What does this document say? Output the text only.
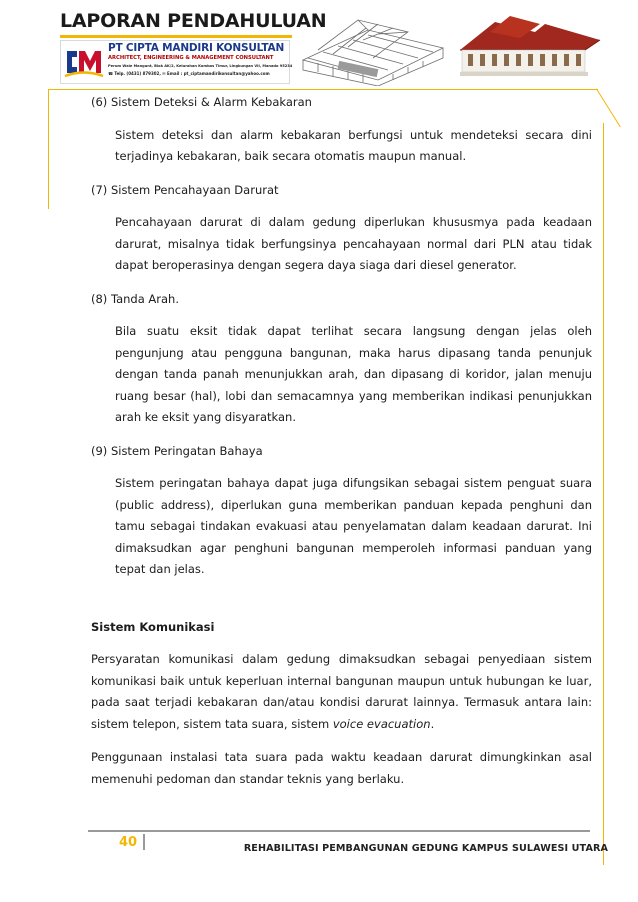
LAPORAN PENDAHULUAN
PT CIPTA MANDIRI KONSULTAN
ARCHITECT, ENGINEERING & MANAGEMENT CONSULTANT
Perum Wale Mangunt, Blok AK/2, Kelurahan Kombos Timur, Lingkungan VII, Manado 95234
☎ Telp. (0431) 879302, ✉ Email : pt_ciptamandirikonsultan@yahoo.com
(6) Sistem Deteksi & Alarm Kebakaran
Sistem deteksi dan alarm kebakaran berfungsi untuk mendeteksi secara dini terjadinya kebakaran, baik secara otomatis maupun manual.
(7) Sistem Pencahayaan Darurat
Pencahayaan darurat di dalam gedung diperlukan khususmya pada keadaan darurat, misalnya tidak berfungsinya pencahayaan normal dari PLN atau tidak dapat beroperasinya dengan segera daya siaga dari diesel generator.
(8) Tanda Arah.
Bila suatu eksit tidak dapat terlihat secara langsung dengan jelas oleh pengunjung atau pengguna bangunan, maka harus dipasang tanda penunjuk dengan tanda panah menunjukkan arah, dan dipasang di koridor, jalan menuju ruang besar (hal), lobi dan semacamnya yang memberikan indikasi penunjukkan arah ke eksit yang disyaratkan.
(9) Sistem Peringatan Bahaya
Sistem peringatan bahaya dapat juga difungsikan sebagai sistem penguat suara (public address), diperlukan guna memberikan panduan kepada penghuni dan tamu sebagai tindakan evakuasi atau penyelamatan dalam keadaan darurat. Ini dimaksudkan agar penghuni bangunan memperoleh informasi panduan yang tepat dan jelas.
Sistem Komunikasi
Persyaratan komunikasi dalam gedung dimaksudkan sebagai penyediaan sistem komunikasi baik untuk keperluan internal bangunan maupun untuk hubungan ke luar, pada saat terjadi kebakaran dan/atau kondisi darurat lainnya. Termasuk antara lain: sistem telepon, sistem tata suara, sistem voice evacuation.
Penggunaan instalasi tata suara pada waktu keadaan darurat dimungkinkan asal memenuhi pedoman dan standar teknis yang berlaku.
40	REHABILITASI PEMBANGUNAN GEDUNG KAMPUS SULAWESI UTARA
